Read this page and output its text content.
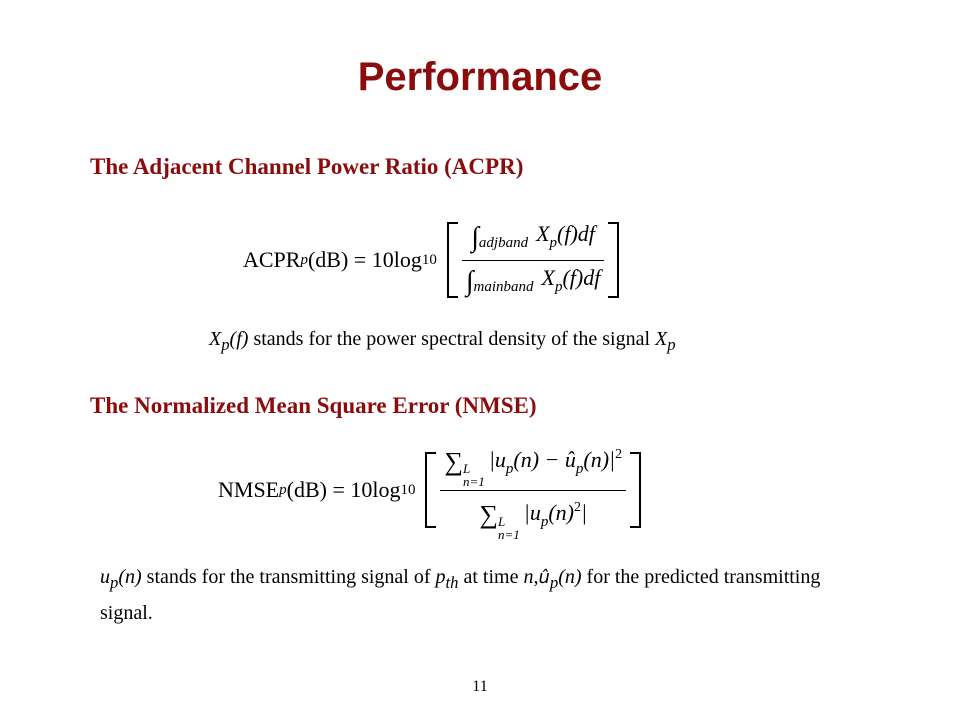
Performance
The Adjacent Channel Power Ratio (ACPR)
ACPR p (dB) = 10log $10 \frac{\int_{adjband} X_p(f)df}{\int_{mainband} X_p(f)df}$

$X_p(f)$ stands for the power spectral density of the signal $X_p$

The Normalized Mean Square Error (NMSE)
NMSE p (dB) = 10log 10 ∑ L
n=1
$|u_p(n)$ − $û_p(n)|^2$
∑ L
n=1
$|u_p(n)^2|$

$u_p(n)$ stands for the transmitting signal of $p_{th}$ at time $n,û_p(n)$ for the predicted transmitting signal.

11
